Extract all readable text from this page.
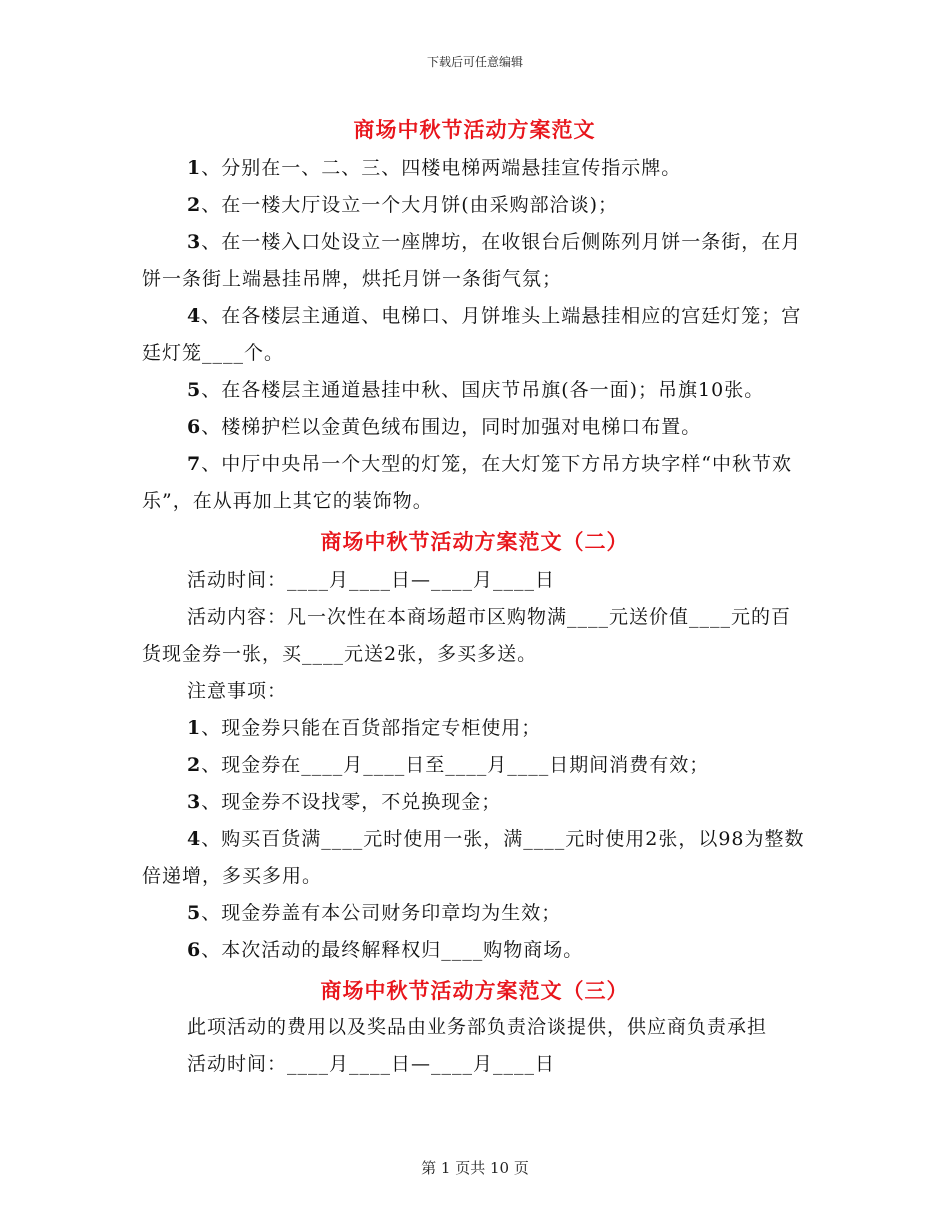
下载后可任意编辑
商场中秋节活动方案范文

1、分别在一、二、三、四楼电梯两端悬挂宣传指示牌。

2、在一楼大厅设立一个大月饼(由采购部洽谈)；

3、在一楼入口处设立一座牌坊，在收银台后侧陈列月饼一条街，在月饼一条街上端悬挂吊牌，烘托月饼一条街气氛；

4、在各楼层主通道、电梯口、月饼堆头上端悬挂相应的宫廷灯笼；宫廷灯笼____个。

5、在各楼层主通道悬挂中秋、国庆节吊旗(各一面)；吊旗10张。

6、楼梯护栏以金黄色绒布围边，同时加强对电梯口布置。

7、中厅中央吊一个大型的灯笼，在大灯笼下方吊方块字样“中秋节欢乐”，在从再加上其它的装饰物。

商场中秋节活动方案范文（二）

活动时间：____月____日—____月____日

活动内容：凡一次性在本商场超市区购物满____元送价值____元的百货现金券一张，买____元送2张，多买多送。

注意事项：

1、现金券只能在百货部指定专柜使用；

2、现金券在____月____日至____月____日期间消费有效；

3、现金券不设找零，不兑换现金；

4、购买百货满____元时使用一张，满____元时使用2张，以98为整数倍递增，多买多用。

5、现金券盖有本公司财务印章均为生效；

6、本次活动的最终解释权归____购物商场。

商场中秋节活动方案范文（三）

此项活动的费用以及奖品由业务部负责洽谈提供，供应商负责承担

活动时间：____月____日—____月____日

第 1 页共 10 页
